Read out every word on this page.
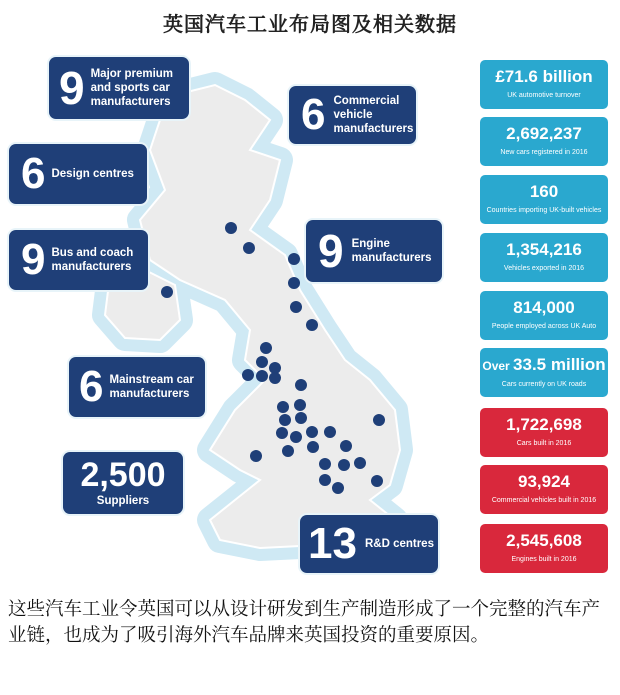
英国汽车工业布局图及相关数据
9 Major premium
and sports car
manufacturers	6 Commercial
vehicle
manufacturers
6 Design centres
9 Bus and coach
manufacturers	9 Engine
manufacturers
6 Mainstream car
manufacturers
2,500
Suppliers
13 R&D centres
£71.6 billion
UK automotive turnover
2,692,237
New cars registered in 2016
160
Countries importing UK-built vehicles
1,354,216
Vehicles exported in 2016
814,000
People employed across UK Auto
Over 33.5 million
Cars currently on UK roads
1,722,698
Cars built in 2016
93,924
Commercial vehicles built in 2016
2,545,608
Engines built in 2016
这些汽车工业令英国可以从设计研发到生产制造形成了一个完整的汽车产业链，也成为了吸引海外汽车品牌来英国投资的重要原因。
